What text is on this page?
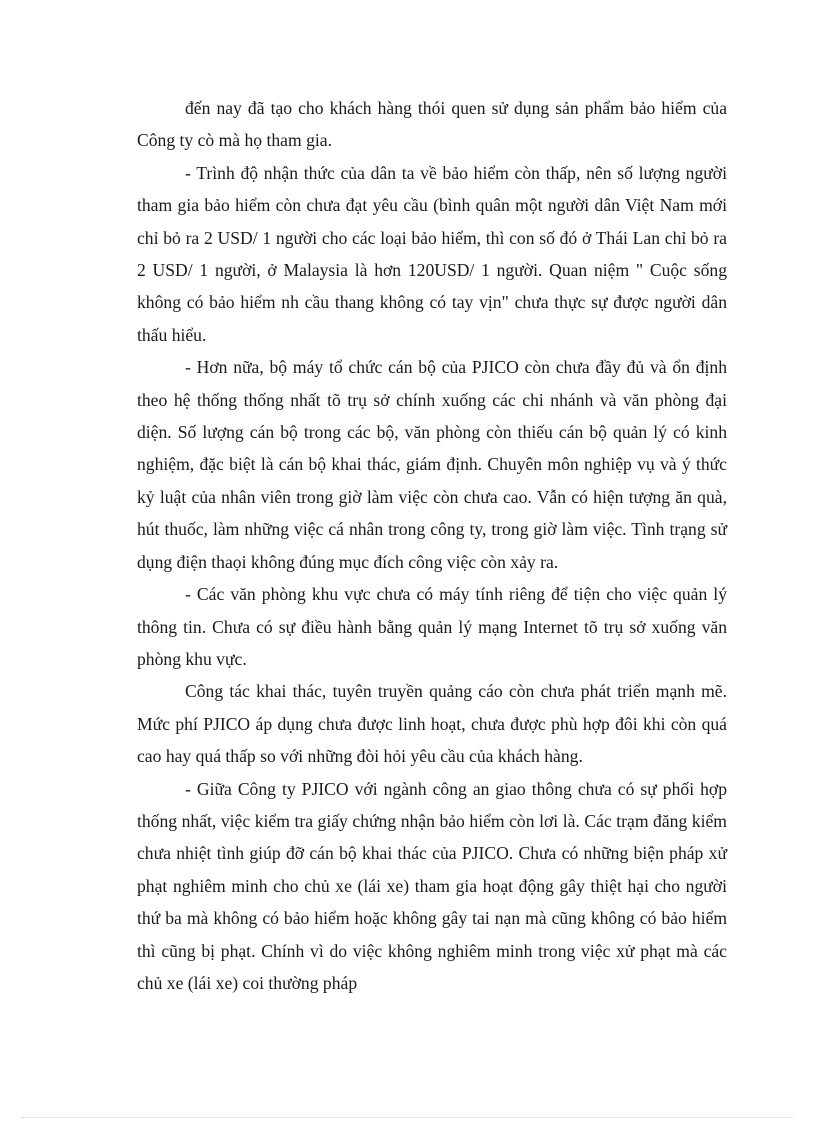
đến nay đã tạo cho khách hàng thói quen sử dụng sản phẩm bảo hiểm của Công ty cò mà họ tham gia.

- Trình độ nhận thức của dân ta về bảo hiểm còn thấp, nên số lượng người tham gia bảo hiểm còn chưa đạt yêu cầu (bình quân một người dân Việt Nam mới chỉ bỏ ra 2 USD/ 1 người cho các loại bảo hiểm, thì con số đó ở Thái Lan chỉ bỏ ra 2 USD/ 1 người, ở Malaysia là hơn 120USD/ 1 người. Quan niệm " Cuộc sống không có bảo hiểm nh cầu thang không có tay vịn" chưa thực sự được người dân thấu hiểu.

- Hơn nữa, bộ máy tổ chức cán bộ của PJICO còn chưa đầy đủ và ổn định theo hệ thống thống nhất tõ trụ sở chính xuống các chi nhánh và văn phòng đại diện. Số lượng cán bộ trong các bộ, văn phòng còn thiếu cán bộ quản lý có kinh nghiệm, đặc biệt là cán bộ khai thác, giám định. Chuyên môn nghiệp vụ và ý thức kỷ luật của nhân viên trong giờ làm việc còn chưa cao. Vẫn có hiện tượng ăn quà, hút thuốc, làm những việc cá nhân trong công ty, trong giờ làm việc. Tình trạng sử dụng điện thaọi không đúng mục đích công việc còn xảy ra.

- Các văn phòng khu vực chưa có máy tính riêng để tiện cho việc quản lý thông tin. Chưa có sự điều hành bằng quản lý mạng Internet tõ trụ sở xuống văn phòng khu vực.

Công tác khai thác, tuyên truyền quảng cáo còn chưa phát triển mạnh mẽ. Mức phí PJICO áp dụng chưa được linh hoạt, chưa được phù hợp đôi khi còn quá cao hay quá thấp so với những đòi hỏi yêu cầu của khách hàng.

- Giữa Công ty PJICO với ngành công an giao thông chưa có sự phối hợp thống nhất, việc kiểm tra giấy chứng nhận bảo hiểm còn lơi là. Các trạm đăng kiểm chưa nhiệt tình giúp đỡ cán bộ khai thác của PJICO. Chưa có những biện pháp xử phạt nghiêm minh cho chủ xe (lái xe) tham gia hoạt động gây thiệt hại cho người thứ ba mà không có bảo hiểm hoặc không gây tai nạn mà cũng không có bảo hiểm thì cũng bị phạt. Chính vì do việc không nghiêm minh trong việc xử phạt mà các chủ xe (lái xe) coi thường pháp
